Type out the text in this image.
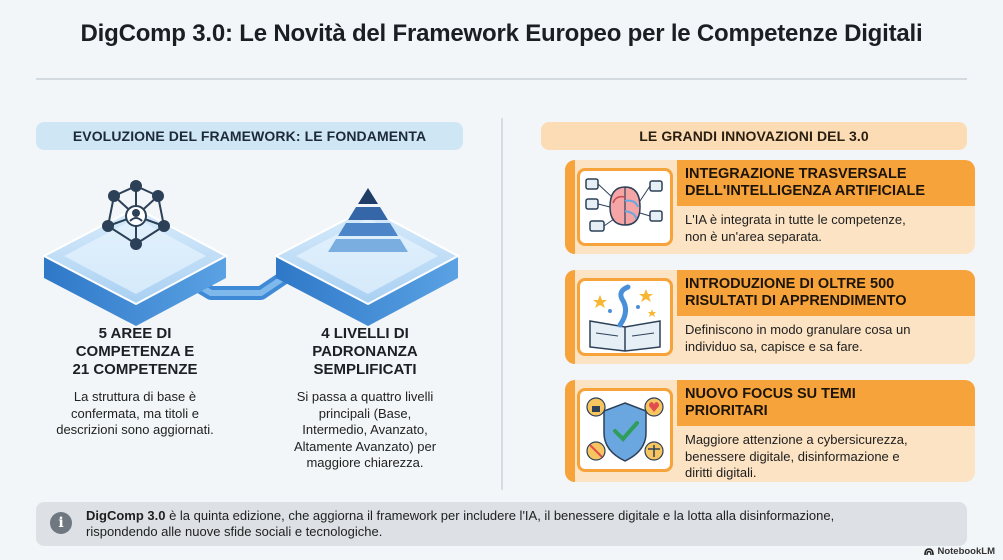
DigComp 3.0: Le Novità del Framework Europeo per le Competenze Digitali
EVOLUZIONE DEL FRAMEWORK: LE FONDAMENTA	LE GRANDI INNOVAZIONI DEL 3.0
5 AREE DI
COMPETENZA E
21 COMPETENZE
La struttura di base è
confermata, ma titoli e
descrizioni sono aggiornati.
4 LIVELLI DI
PADRONANZA
SEMPLIFICATI
Si passa a quattro livelli
principali (Base,
Intermedio, Avanzato,
Altamente Avanzato) per
maggiore chiarezza.
INTEGRAZIONE TRASVERSALE
DELL'INTELLIGENZA ARTIFICIALE
L'IA è integrata in tutte le competenze,
non è un'area separata.
INTRODUZIONE DI OLTRE 500
RISULTATI DI APPRENDIMENTO
Definiscono in modo granulare cosa un
individuo sa, capisce e sa fare.
NUOVO FOCUS SU TEMI
PRIORITARI
Maggiore attenzione a cybersicurezza,
benessere digitale, disinformazione e
diritti digitali.
i	DigComp 3.0 è la quinta edizione, che aggiorna il framework per includere l'IA, il benessere digitale e la lotta alla disinformazione,
rispondendo alle nuove sfide sociali e tecnologiche.
NotebookLM
